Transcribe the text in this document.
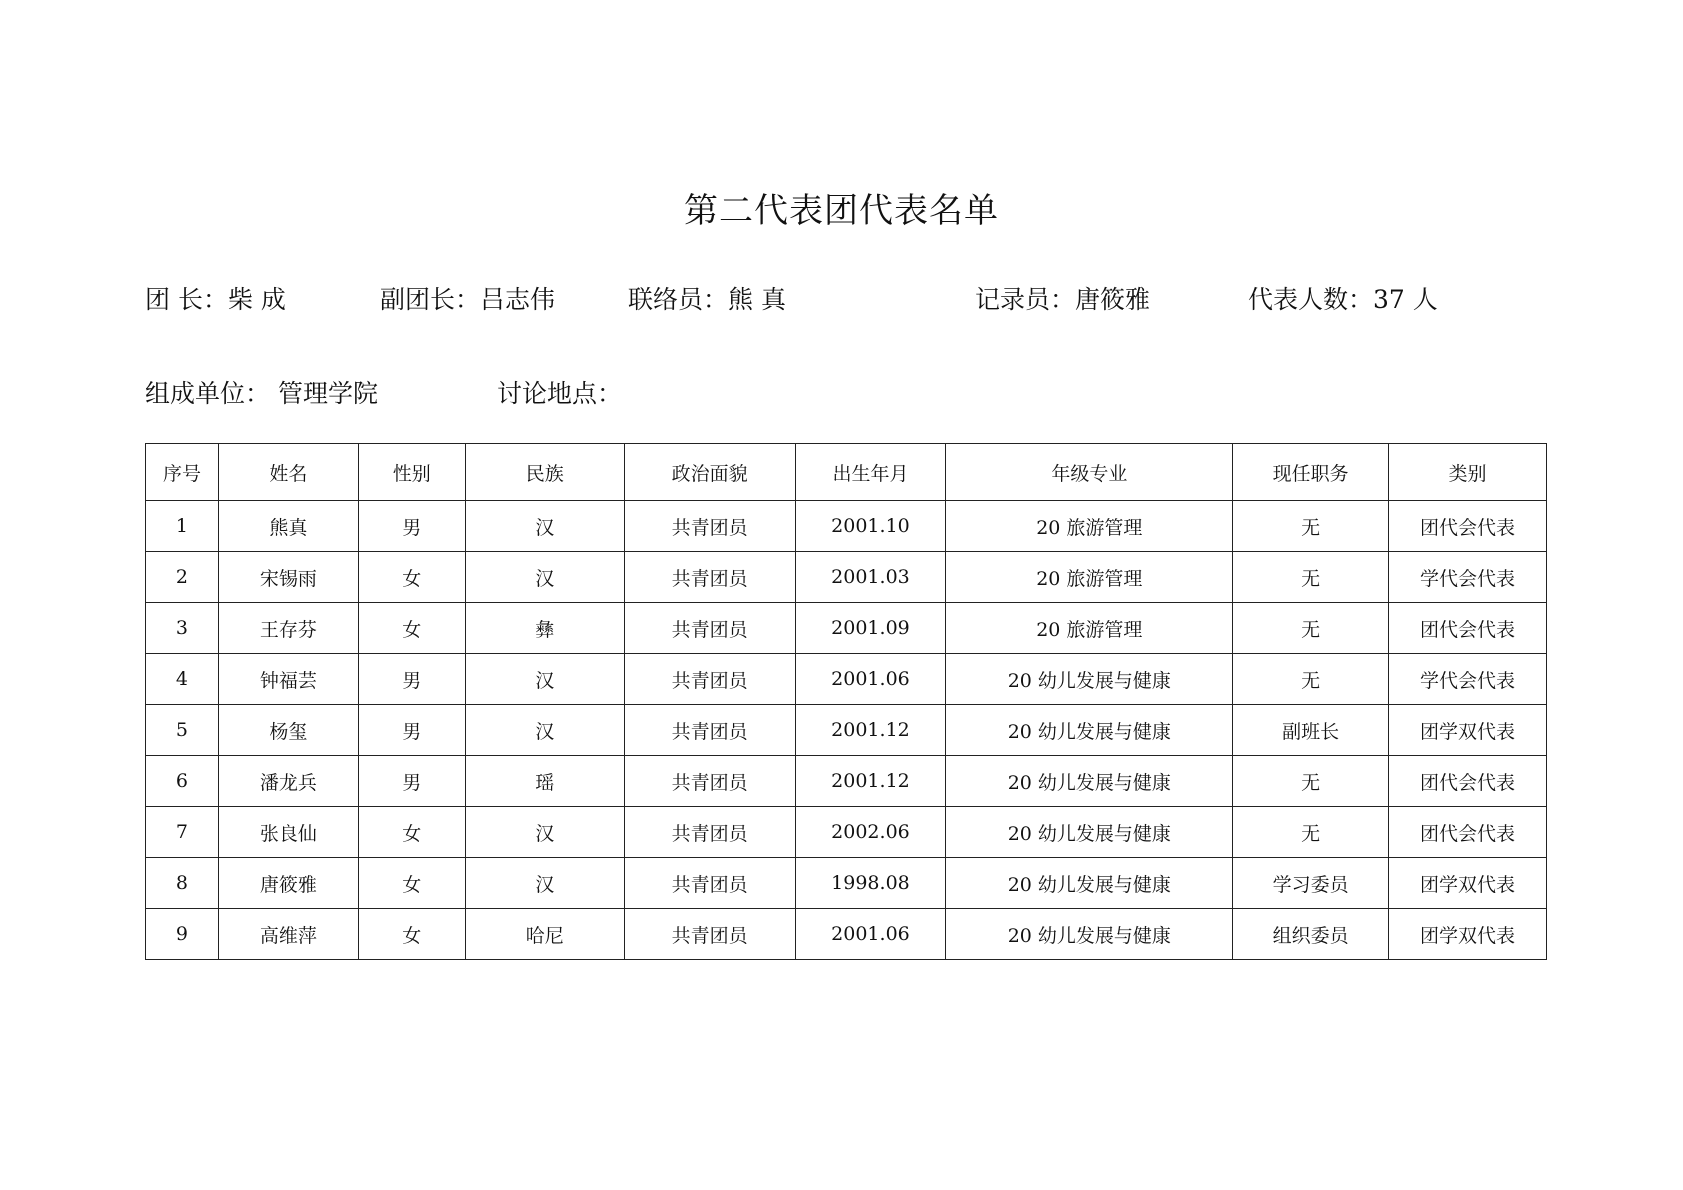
第二代表团代表名单
团 长：柴 成	副团长：吕志伟	联络员：熊 真	记录员：唐筱雅	代表人数：37 人
组成单位： 管理学院	讨论地点：
序号	姓名	性别	民族	政治面貌	出生年月	年级专业	现任职务	类别
1	熊真	男	汉	共青团员	2001.10	20 旅游管理	无	团代会代表
2	宋锡雨	女	汉	共青团员	2001.03	20 旅游管理	无	学代会代表
3	王存芬	女	彝	共青团员	2001.09	20 旅游管理	无	团代会代表
4	钟福芸	男	汉	共青团员	2001.06	20 幼儿发展与健康	无	学代会代表
5	杨玺	男	汉	共青团员	2001.12	20 幼儿发展与健康	副班长	团学双代表
6	潘龙兵	男	瑶	共青团员	2001.12	20 幼儿发展与健康	无	团代会代表
7	张良仙	女	汉	共青团员	2002.06	20 幼儿发展与健康	无	团代会代表
8	唐筱雅	女	汉	共青团员	1998.08	20 幼儿发展与健康	学习委员	团学双代表
9	高维萍	女	哈尼	共青团员	2001.06	20 幼儿发展与健康	组织委员	团学双代表
